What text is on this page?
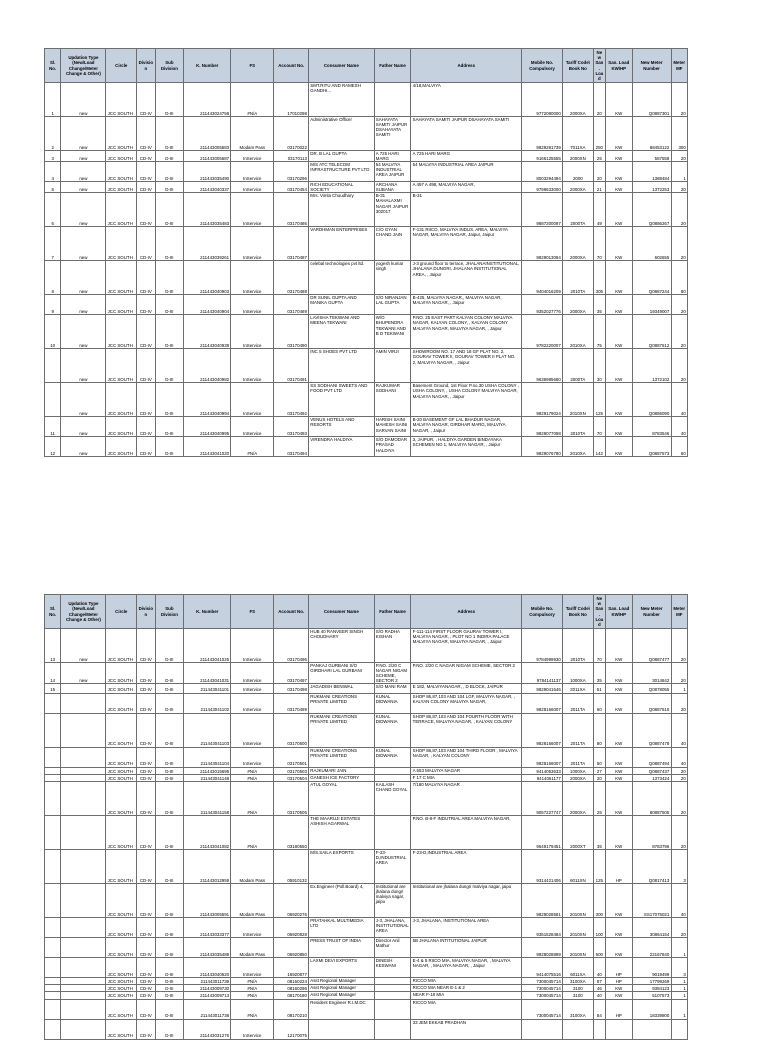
Sl. No.	Updation Type (New/Load Change/Meter Change & Other)	Circle	Division	Sub Division	K. Number	FS	Account No.	Consumer Name	Father Name	Address	Mobile No. Compulsory	Tariff Code\ Book No	New San. Load	San. Load KW\HP	New Meter Number	Meter MF
1	new	JCC SOUTH	CD-IV	D-III	211443024758	#N/A	17010298	SMT.RITU AND RAMESH GANDHI...		4/18,MALVIYA	9772080000	2000XA	20	KW	Q0887301	20
2	new	JCC SOUTH	CD-IV	D-III	211443005583	Modam Pass	03170022	Administrative Officer	SAHAYATA SAMITI JAIPUR DSAHAYATA SAMITI	SAHAYATA SAMITI JAIPUR DSAHAYATA SAMITI	9829291739	7011XA	250	KW	88453122	300
3	new	JCC SOUTH	CD-IV	D-III	211443005687	InService	03170113	DR. B LAL GUPTA	A 725 HARI MARG	A 725 HARI MARG	9166125555	2000XN	25	KW	587558	20
4	new	JCC SOUTH	CD-IV	D-III	211443035490	InService	03170296	M/S ATC TELECOM INFRASTRUCTURE PVT LTD	54 MALVIYA INDUSTRIAL AREA JAIPUR	54 MALVIYA INDUSTRIAL AREA JAIPUR	8003294494	2000	20	KW	1388484	1
5	new	JCC SOUTH	CD-IV	D-III	211443040337	InService	03170454	RICH EDUCATIONAL SOCIETY	ARCHANA SUBANA	A 497 A 498, MALVIYA NAGAR,	9799633000	2000XA	21	KW	1372253	20
6	new	JCC SOUTH	CD-IV	D-III	211443035483	InService	03170486	Mrs. Vimla Choudhary	B-31 MAHALAXMI NAGAR JAIPUR 302017	B-31	9887200097	2000TA	49	KW	Q0886267	20
7	new	JCC SOUTH	CD-IV	D-III	211443039261	InService	03170487	VARDHMAN ENTERPRISES	C/O GYAN CHAND JAIN	F-131 RIICO, MALVIYA INDUS. AREA, MALVIYA NAGAR, MALVIYA NAGAR, Jaipur, Jaipur	9829013094	2000XA	70	KW	602655	20
8	new	JCC SOUTH	CD-IV	D-III	211443040903	InService	03170488	celebal technologies pvt ltd.	yogesh kumar singh	J-3 ground floor to terrace, JHALANAINSTITUTIONAL, JHALANA DUNGRI, JHALANA INSTITUTIONAL AREA, , Jaipur	9404016209	2010TA	305	KW	Q0887244	80
9	new	JCC SOUTH	CD-IV	D-III	211443040904	InService	03170489	DR SUNIL GUPTA AND MANIKA GUPTA	S/O NIRANJAN LAL GUPTA	B-425, MALVIYA NAGAR,, MALVIYA NAGAR, MALVIYA NAGAR, , Jaipur	9352027776	2000XA	35	KW	19349007	20
10	new	JCC SOUTH	CD-IV	D-III	211443040938	InService	03170490	LAVISHA TEKWANI AND MEENA TEKWANI	W/O BHUPENDRA TEKWANI AND B D TEKWANI	P.NO. 25 EAST PART KALYAN COLONY MALVIYA NAGAR, KALYAN COLONY, , KALYAN COLONY MALVIYA NAGAR, MALVIYA NAGAR, , Jaipur	9782220007	2010XA	75	KW	Q0887612	20
	new	JCC SOUTH	CD-IV	D-III	211443040982	InService	03170491	INC 5 SHOES PVT LTD	AMIN VIRJI	SHOWROOM NO. 17 AND 18 GF PLAT NO. 2, GOURAV TOWER II, GOURAV TOWER II PLAT NO. 2, MALVIYA NAGAR, , Jaipur	9636985660	2000TA	30	KW	1372102	20
	new	JCC SOUTH	CD-IV	D-III	211443040994	InService	03170492	SS SODHANI SWEETS AND FOOD PVT LTD	RAJKUMAR SODHANI	Basement Ground, 1st Floor P.no.30 USHA COLONY , USHA COLONY, , USHA COLONY MALVIYA NAGAR, MALVIYA NAGAR, , Jaipur	9829179024	2010XN	125	KW	Q0886090	40
11	new	JCC SOUTH	CD-IV	D-III	211443040995	InService	03170493	VENUS HOTELS AND RESORTS	HARISH SAINI MAHESH SAINI SARVAN SAINI	B-20 BASEMENT GF LAL BHADUR NAGAR, MALVIYA NAGAR, GIRDHAR MARG, MALVIYA NAGAR, , Jaipur	9829077098	2010TA	70	KW	8783546	40
12	new	JCC SOUTH	CD-IV	D-III	211443041020	#N/A	03170494	VIRENDRA HALDIYA	S/O DAMODAR PRASAD HALDIYA	3, JAIPUR, , HALDIYA GARDEN BINDAYAKA SCHEMEN NO 1, MALVIYA NAGAR, , Jaipur	9829076780	2010XA	142	KW	Q0887573	60
Sl. No.	Updation Type (New/Load Change/Meter Change & Other)	Circle	Division	Sub Division	K. Number	FS	Account No.	Consumer Name	Father Name	Address	Mobile No. Compulsory	Tariff Code\ Book No	New San. Load	San. Load KW\HP	New Meter Number	Meter MF
13	new	JCC SOUTH	CD-IV	D-III	211443041025	InService	03170496	HUB 40 RANVEER SINGH CHOUDHARY	S/O RADHA KISHAN	F-111-114 FIRST FLOOR GAURAV TOWER I, MALVIYA NAGAR, , PLOT NO 1 INDIRA PALACE MALVIYA NAGAR, MALVIYA NAGAR, , Jaipur	9784999930	2010TA	70	KW	Q0887477	20
14	new	JCC SOUTH	CD-IV	D-III	211443041031	InService	03170497	PANKAJ GURBANI S/O GIRDHARI LAL GURBANI	P.NO. 2/20 C NAGAR NIGAM SCHEME, SECTOR 2	P.NO. 2/20 C NAGAR NIGAM SCHEME, SECTOR 2	9784141137	1000XA	35	KW	3014842	20
15		JCC SOUTH	CD-IV	D-III	211443041101	InService	03170498	JAGADISH BENIWAL	S/O MANI RAM	E 182, MALVIYANAGAR, , D BLOCK, JAIPUR	9829041646	2011XA	51	KW	Q0878055	1
		JCC SOUTH	CD-IV	D-III	211443041102	InService	03170499	RUKMANI CREATIONS PRIVATE LIMITED	KUNAL DIDWANIA	SHOP 86,87,103 AND 104 LGF, MALVIYA NAGAR, , KALYAN COLONY MALVIYA NAGAR,	9828166007	2011TA	60	KW	Q0887615	20
		JCC SOUTH	CD-IV	D-III	211443041103	InService	03170500	RUKMANI CREATIONS PRIVATE LIMITED	KUNAL DIDWANIA	SHOP 86,87,103 AND 104 FOURTH FLOOR WITH TERRACE, MALVIYA NAGAR, , KALYAN COLONY	9828166007	2011TA	80	KW	Q0887478	40
		JCC SOUTH	CD-IV	D-III	211443041104	InService	03170501	RUKMANI CREATIONS PRIVATE LIMITED	KUNAL DIDWANIA	SHOP 86,87,103 AND 104 THIRD FLOOR , MALVIYA NAGAR, , KALYAN COLONY	9828166007	2011TA	50	KW	Q0887494	40
		JCC SOUTH	CD-IV	D-III	211443015695	#N/A	03170503	RAJKUMARI JAIN		A 653 MALVIYA NAGAR	9414053633	1000XA	27	KW	Q0887437	20
		JCC SOUTH	CD-IV	D-III	211443041148	#N/A	03170504	GANESH ICE FACTORY		F 17 C MIA	9414061177	2000XA	20	KW	1373424	20
		JCC SOUTH	CD-IV	D-III	211443041158	#N/A	03170505	ATUL GOYAL	KAILASH CHAND GOYAL	7/180 MALVIYA NAGAR	9057227747	2000XA	25	KW	80887505	20
		JCC SOUTH	CD-IV	D-III	211443041082	#N/A	03180550	THE MAARUJI ESTATES ASHISH AGARWAL		P.NO. B-8-F INDUTRIAL AREA MALVIYA NAGAR,	9649179451	2000XT	35	KW	8783796	20
		JCC SOUTH	CD-IV	D-III	211443012959	Modam Pass	05910132	M/S.SAILA EXPORTS	F-23-D,INDUSTRIAL AREA	F-23-D,INDUSTRIAL AREA	9314421406	6011XN	125	HP	Q0817413	3
		JCC SOUTH	CD-IV	D-III	211443005591	Modam Pass	06920276	Ex.Engineer (Poll.Board) 4,	Institutional are jhalana dungri malviya nagar, jaipu	Institutional are jhalana dungri malviya nagar, jaipu	9829028581	2010XN	300	KW	SS17075021	40
		JCC SOUTH	CD-IV	D-III	211443033377	InService	06920828	PRATAHKAL MULTIMEDIA LTD	J-3, JHALANA, INSTITUTIONAL AREA	J-3, JHALANA, INSTITUTIONAL AREA	9351528484	2010XN	100	KW	30864154	20
		JCC SOUTH	CD-IV	D-III	211443035489	Modam Pass	06920850	PRESS TRUST OF INDIA	Director Anil Mathur	5B JHALANA INTITUTIONAL JAIPUR	9928028899	2010XN	500	KW	22167840	1
		JCC SOUTH	CD-IV	D-III	211443040620	InService	16920877	LAXMI DEVI EXPORTS	DINESH KESWANI	E-4 & 5 RIICO MIA, MALVIYA NAGAR, , MALVIYA NAGAR, , MALVIYA NAGAR, , Jaipur	9414075516	6011XA	40	HP	9019499	3
		JCC SOUTH	CD-IV	D-III	211443011739	#N/A	08160224	Asst Regional Manager		RICCO MIA	7300045714	3100XA	87	HP	17799269	1
		JCC SOUTH	CD-IV	D-III	211443009730	#N/A	08160296	Asst Regional Manager		RICCO MIA NEAR E-1 & 2	7300045714	3100	46	KW	9384123	1
		JCC SOUTH	CD-IV	D-III	211443009713	#N/A	08170180	Asst Regional Manager		NEAR F-18 MIA	7300045714	3100	40	KW	5107573	1
		JCC SOUTH	CD-IV	D-III	211443011738	#N/A	08170210	Resident Engineer R.I.M.DC		RICCO MIA	7300045714	3100XA	84	HP	18339800	1
		JCC SOUTH	CD-IV	D-III	211443031276	InService	12170075			33 JEM EKKAB PRADHAN						
